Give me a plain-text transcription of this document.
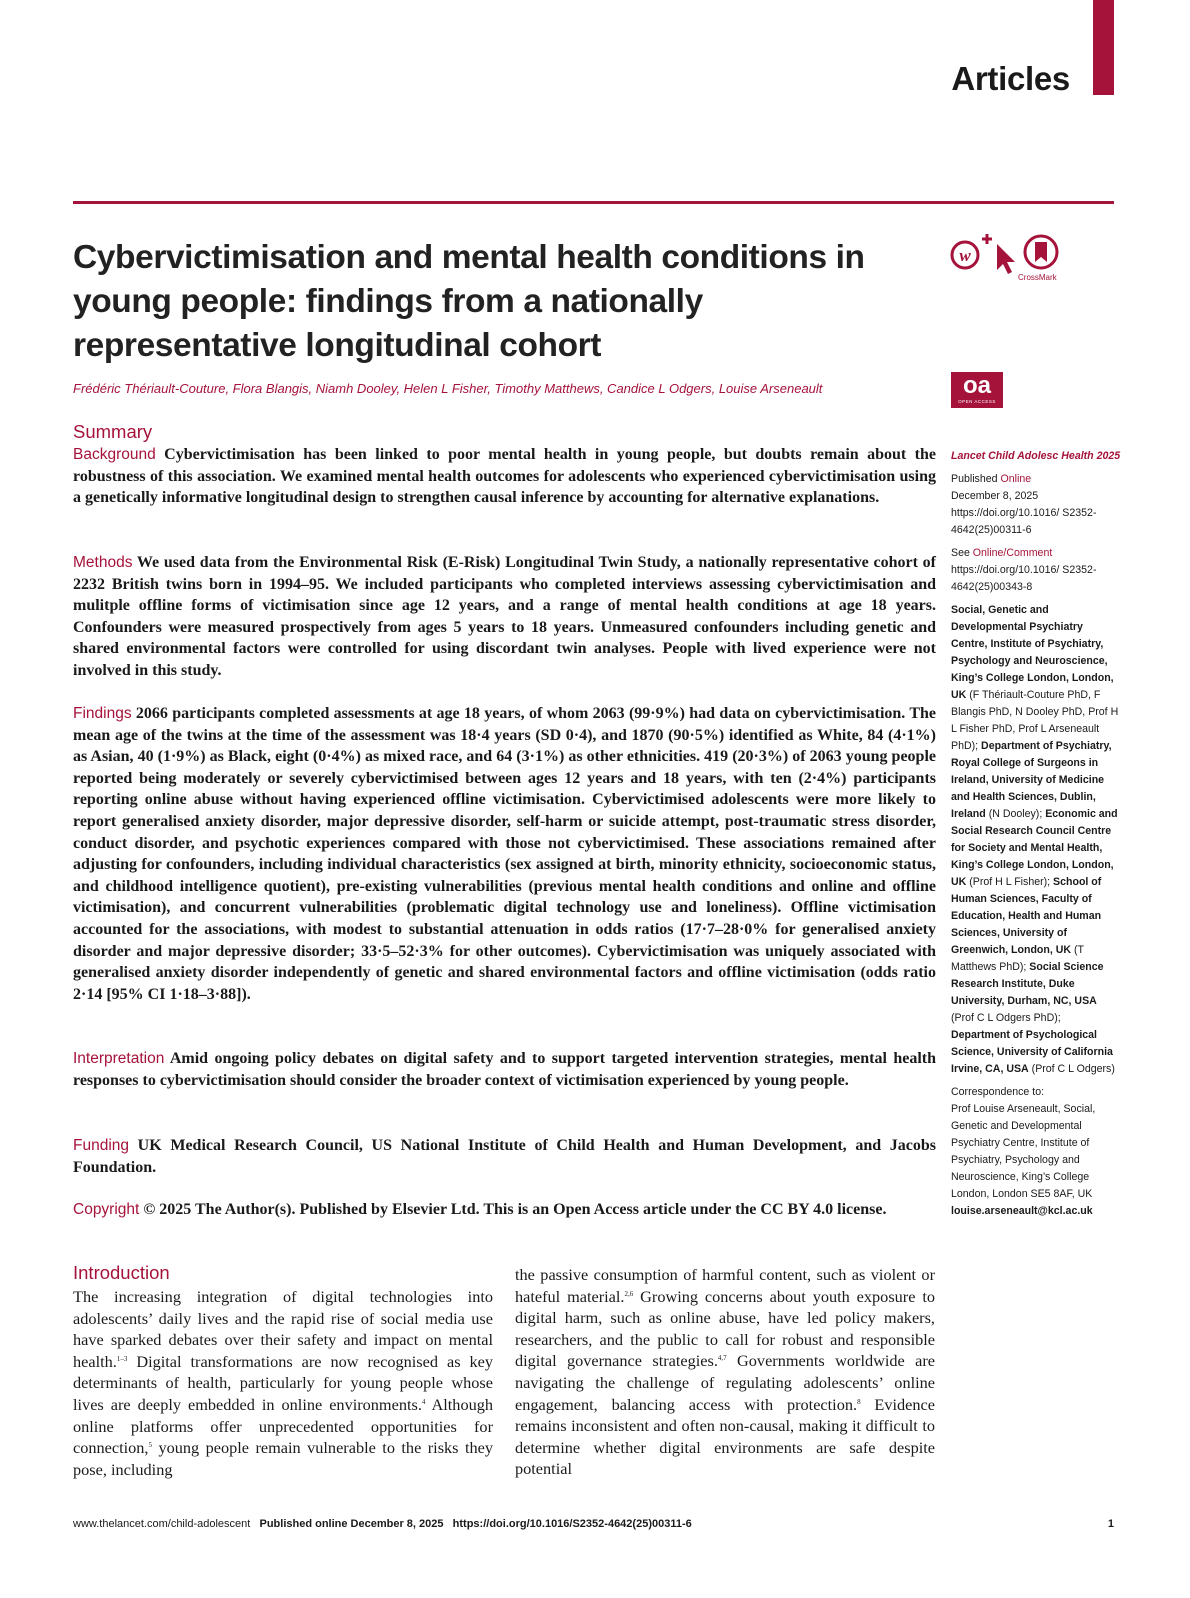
Articles
Cybervictimisation and mental health conditions in young people: findings from a nationally representative longitudinal cohort
w
CrossMark
Frédéric Thériault-Couture, Flora Blangis, Niamh Dooley, Helen L Fisher, Timothy Matthews, Candice L Odgers, Louise Arseneault	oa
OPEN ACCESS
Summary

Background Cybervictimisation has been linked to poor mental health in young people, but doubts remain about the robustness of this association. We examined mental health outcomes for adolescents who experienced cybervictimisation using a genetically informative longitudinal design to strengthen causal inference by accounting for alternative explanations.

Methods We used data from the Environmental Risk (E-Risk) Longitudinal Twin Study, a nationally representative cohort of 2232 British twins born in 1994–95. We included participants who completed interviews assessing cybervictimisation and mulitple offline forms of victimisation since age 12 years, and a range of mental health conditions at age 18 years. Confounders were measured prospectively from ages 5 years to 18 years. Unmeasured confounders including genetic and shared environmental factors were controlled for using discordant twin analyses. People with lived experience were not involved in this study.

Findings 2066 participants completed assessments at age 18 years, of whom 2063 (99·9%) had data on cybervictimisation. The mean age of the twins at the time of the assessment was 18·4 years (SD 0·4), and 1870 (90·5%) identified as White, 84 (4·1%) as Asian, 40 (1·9%) as Black, eight (0·4%) as mixed race, and 64 (3·1%) as other ethnicities. 419 (20·3%) of 2063 young people reported being moderately or severely cybervictimised between ages 12 years and 18 years, with ten (2·4%) participants reporting online abuse without having experienced offline victimisation. Cybervictimised adolescents were more likely to report generalised anxiety disorder, major depressive disorder, self-harm or suicide attempt, post-traumatic stress disorder, conduct disorder, and psychotic experiences compared with those not cybervictimised. These associations remained after adjusting for confounders, including individual characteristics (sex assigned at birth, minority ethnicity, socioeconomic status, and childhood intelligence quotient), pre-existing vulnerabilities (previous mental health conditions and online and offline victimisation), and concurrent vulnerabilities (problematic digital technology use and loneliness). Offline victimisation accounted for the associations, with modest to substantial attenuation in odds ratios (17·7–28·0% for generalised anxiety disorder and major depressive disorder; 33·5–52·3% for other outcomes). Cybervictimisation was uniquely associated with generalised anxiety disorder independently of genetic and shared environmental factors and offline victimisation (odds ratio 2·14 [95% CI 1·18–3·88]).

Interpretation Amid ongoing policy debates on digital safety and to support targeted intervention strategies, mental health responses to cybervictimisation should consider the broader context of victimisation experienced by young people.

Funding UK Medical Research Council, US National Institute of Child Health and Human Development, and Jacobs Foundation.

Copyright © 2025 The Author(s). Published by Elsevier Ltd. This is an Open Access article under the CC BY 4.0 license.

Introduction

The increasing integration of digital technologies into adolescents’ daily lives and the rapid rise of social media use have sparked debates over their safety and impact on mental health.$^{1-3}$ Digital transformations are now recognised as key determinants of health, particularly for young people whose lives are deeply embedded in online environments.$^4$ Although online platforms offer unprecedented opportunities for connection,$^5$ young people remain vulnerable to the risks they pose, including

the passive consumption of harmful content, such as violent or hateful material.$^{2,6}$ Growing concerns about youth exposure to digital harm, such as online abuse, have led policy makers, researchers, and the public to call for robust and responsible digital governance strategies.$^{4,7}$ Governments worldwide are navigating the challenge of regulating adolescents’ online engagement, balancing access with protection.$^8$ Evidence remains inconsistent and often non-causal, making it difficult to determine whether digital environments are safe despite potential

Lancet Child Adolesc Health 2025

Published Online
December 8, 2025
https://doi.org/10.1016/ S2352-4642(25)00311-6

See Online/Comment
https://doi.org/10.1016/ S2352-4642(25)00343-8

Social, Genetic and Developmental Psychiatry Centre, Institute of Psychiatry, Psychology and Neuroscience, King’s College London, London, UK (F Thériault-Couture PhD, F Blangis PhD, N Dooley PhD, Prof H L Fisher PhD, Prof L Arseneault PhD); Department of Psychiatry, Royal College of Surgeons in Ireland, University of Medicine and Health Sciences, Dublin, Ireland (N Dooley); Economic and Social Research Council Centre for Society and Mental Health, King’s College London, London, UK (Prof H L Fisher); School of Human Sciences, Faculty of Education, Health and Human Sciences, University of Greenwich, London, UK (T Matthews PhD); Social Science Research Institute, Duke University, Durham, NC, USA (Prof C L Odgers PhD); Department of Psychological Science, University of California Irvine, CA, USA (Prof C L Odgers)

Correspondence to:
Prof Louise Arseneault, Social, Genetic and Developmental Psychiatry Centre, Institute of Psychiatry, Psychology and Neuroscience, King’s College London, London SE5 8AF, UK
louise.arseneault@kcl.ac.uk

www.thelancet.com/child-adolescent Published online December 8, 2025 https://doi.org/10.1016/S2352-4642(25)00311-6	1
